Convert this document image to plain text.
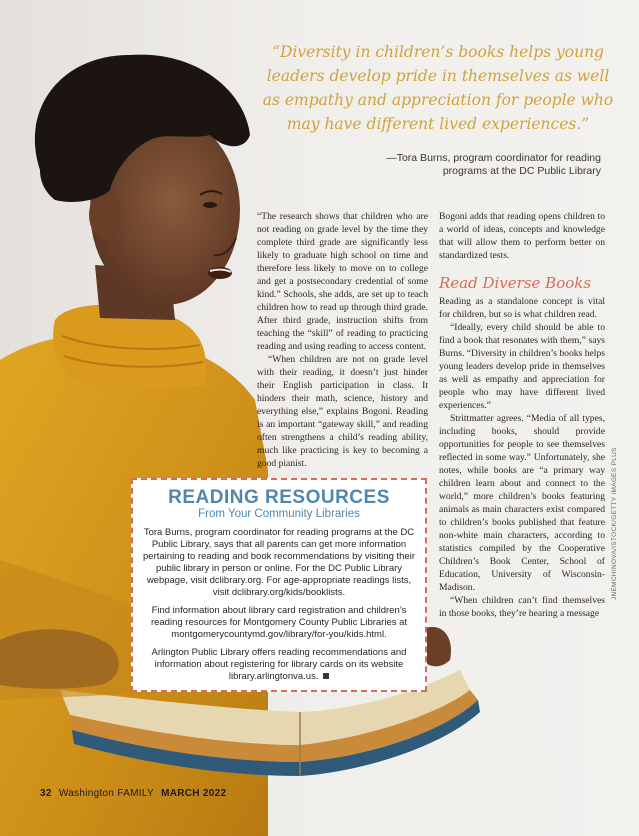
“Diversity in children’s books helps young leaders develop pride in themselves as well as empathy and appreciation for people who may have different lived experiences.”
—Tora Burns, program coordinator for reading programs at the DC Public Library

“The research shows that children who are not reading on grade level by the time they complete third grade are significantly less likely to graduate high school on time and therefore less likely to move on to college and get a postsecondary credential of some kind.” Schools, she adds, are set up to teach children how to read up through third grade. After third grade, instruction shifts from teaching the “skill” of reading to practicing reading and using reading to access content.

“When children are not on grade level with their reading, it doesn’t just hinder their English participation in class. It hinders their math, science, history and everything else,” explains Bogoni. Reading is an important “gateway skill,” and reading often strengthens a child’s reading ability, much like practicing is key to becoming a good pianist.

Bogoni adds that reading opens children to a world of ideas, concepts and knowledge that will allow them to perform better on standardized tests.

Read Diverse Books

Reading as a standalone concept is vital for children, but so is what children read.

“Ideally, every child should be able to find a book that resonates with them,” says Burns. “Diversity in children’s books helps young leaders develop pride in themselves as well as empathy and appreciation for people who may have different lived experiences.”

Strittmatter agrees. “Media of all types, including books, should provide opportunities for people to see themselves reflected in some way.” Unfortunately, she notes, while books are “a primary way children learn about and connect to the world,” more children’s books featuring animals as main characters exist compared to children’s books published that feature non-white main characters, according to statistics compiled by the Cooperative Children’s Book Center, School of Education, University of Wisconsin-Madison.

“When children can’t find themselves in those books, they’re hearing a message

JNEMCHINOVA/ISTOCK/GETTY IMAGES PLUS
READING RESOURCES
From Your Community Libraries

Tora Burns, program coordinator for reading programs at the DC Public Library, says that all parents can get more information pertaining to reading and book recommendations by visiting their public library in person or online. For the DC Public Library webpage, visit dclibrary.org. For age-appropriate readings lists, visit dclibrary.org/kids/booklists.

Find information about library card registration and children’s reading resources for Montgomery County Public Libraries at montgomerycountymd.gov/library/for-you/kids.html.

Arlington Public Library offers reading recommendations and information about registering for library cards on its website library.arlingtonva.us.

32 Washington FAMILY MARCH 2022
